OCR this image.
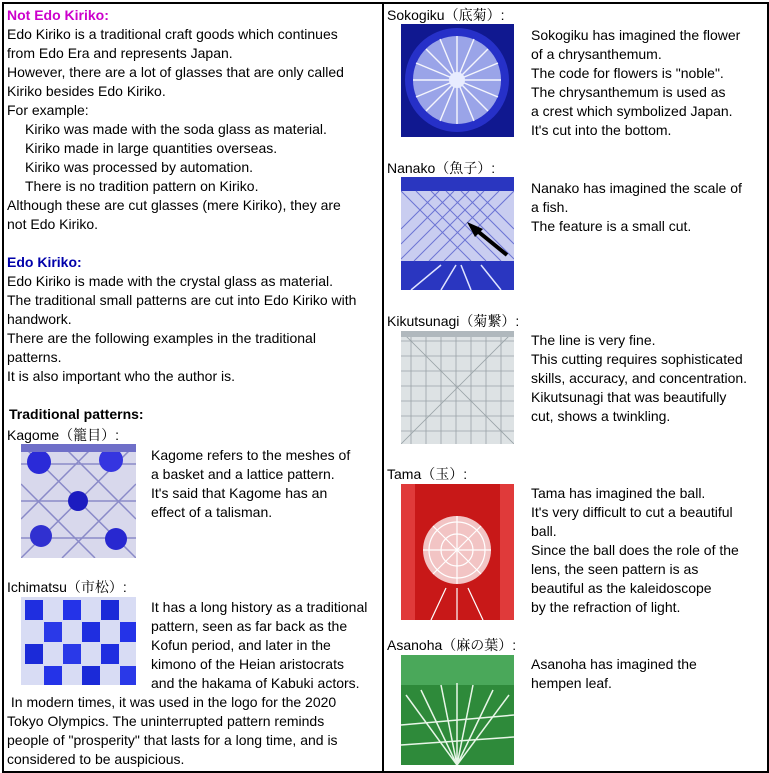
Not Edo Kiriko:
Edo Kiriko is a traditional craft goods which continues
from Edo Era and represents Japan.
However, there are a lot of glasses that are only called
Kiriko besides Edo Kiriko.
For example:
Kiriko was made with the soda glass as material.
Kiriko made in large quantities overseas.
Kiriko was processed by automation.
There is no tradition pattern on Kiriko.
Although these are cut glasses (mere Kiriko), they are
not Edo Kiriko.
Edo Kiriko:
Edo Kiriko is made with the crystal glass as material.
The traditional small patterns are cut into Edo Kiriko with
handwork.
There are the following examples in the traditional
patterns.
It is also important who the author is.
Traditional patterns:
Kagome（籠目）:
Kagome refers to the meshes of
a basket and a lattice pattern.
It's said that Kagome has an
effect of a talisman.
Ichimatsu（市松）:
It has a long history as a traditional
pattern, seen as far back as the
Kofun period, and later in the
kimono of the Heian aristocrats
and the hakama of Kabuki actors.
In modern times, it was used in the logo for the 2020
Tokyo Olympics. The uninterrupted pattern reminds
people of "prosperity" that lasts for a long time, and is
considered to be auspicious.
Sokogiku（底菊）:
Sokogiku has imagined the flower
of a chrysanthemum.
The code for flowers is "noble".
The chrysanthemum is used as
a crest which symbolized Japan.
It's cut into the bottom.
Nanako（魚子）:
Nanako has imagined the scale of
a fish.
The feature is a small cut.
Kikutsunagi（菊繋）:
The line is very fine.
This cutting requires sophisticated
skills, accuracy, and concentration.
Kikutsunagi that was beautifully
cut, shows a twinkling.
Tama（玉）:
Tama has imagined the ball.
It's very difficult to cut a beautiful
ball.
Since the ball does the role of the
lens, the seen pattern is as
beautiful as the kaleidoscope
by the refraction of light.
Asanoha（麻の葉）:
Asanoha has imagined the
hempen leaf.
